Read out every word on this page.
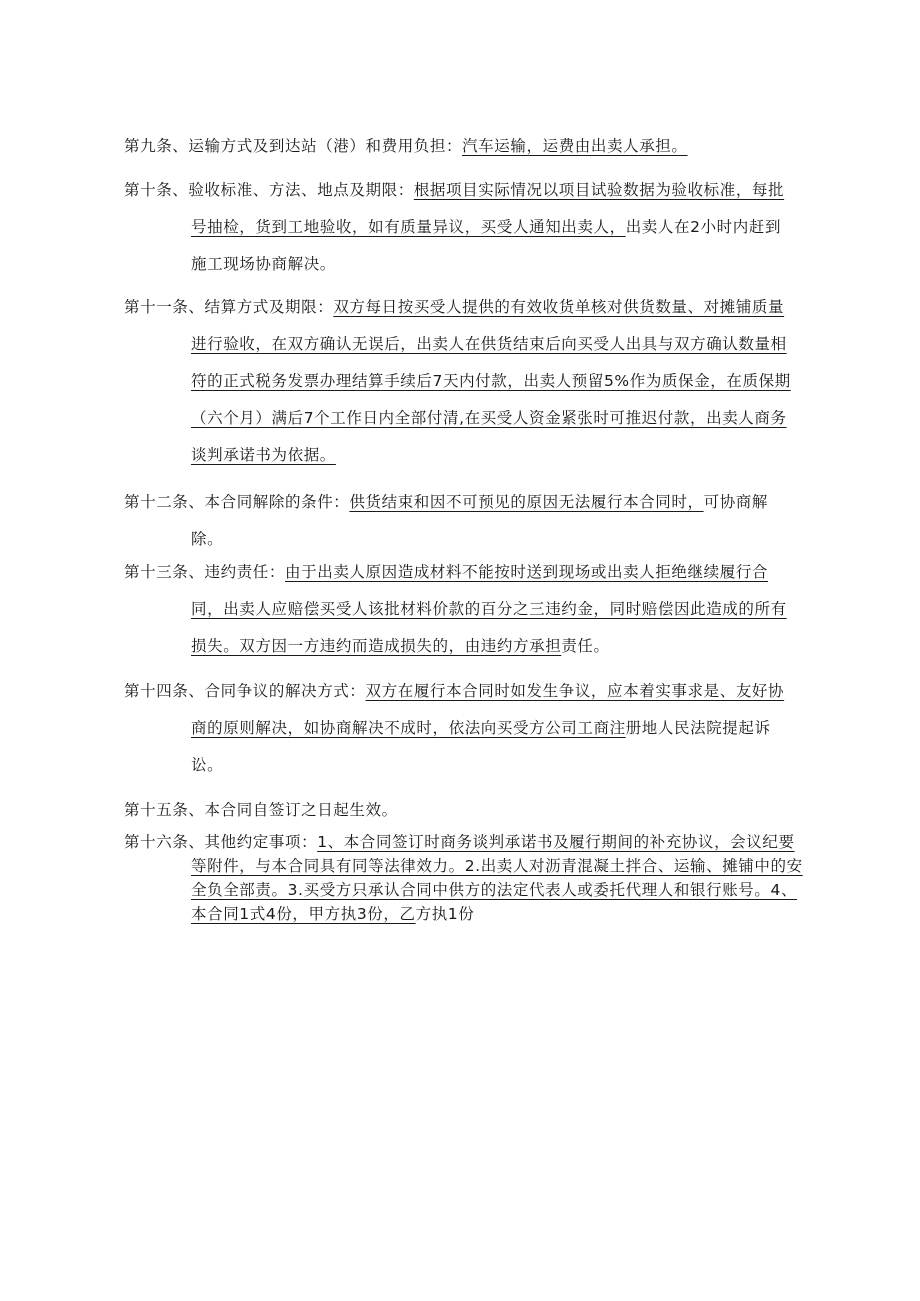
第九条、运输方式及到达站（港）和费用负担：汽车运输，运费由出卖人承担。
第十条、验收标准、方法、地点及期限：根据项目实际情况以项目试验数据为验收标准，每批
号抽检，货到工地验收，如有质量异议，买受人通知出卖人，出卖人在2小时内赶到
施工现场协商解决。
第十一条、结算方式及期限：双方每日按买受人提供的有效收货单核对供货数量、对摊铺质量
进行验收，在双方确认无误后，出卖人在供货结束后向买受人出具与双方确认数量相
符的正式税务发票办理结算手续后7天内付款，出卖人预留5%作为质保金，在质保期
（六个月）满后7个工作日内全部付清,在买受人资金紧张时可推迟付款，出卖人商务
谈判承诺书为依据。
第十二条、本合同解除的条件：供货结束和因不可预见的原因无法履行本合同时，可协商解
除。
第十三条、违约责任：由于出卖人原因造成材料不能按时送到现场或出卖人拒绝继续履行合
同，出卖人应赔偿买受人该批材料价款的百分之三违约金，同时赔偿因此造成的所有
损失。双方因一方违约而造成损失的，由违约方承担责任。
第十四条、合同争议的解决方式：双方在履行本合同时如发生争议，应本着实事求是、友好协
商的原则解决，如协商解决不成时，依法向买受方公司工商注册地人民法院提起诉
讼。
第十五条、本合同自签订之日起生效。
第十六条、其他约定事项：1、本合同签订时商务谈判承诺书及履行期间的补充协议，会议纪要
等附件，与本合同具有同等法律效力。2.出卖人对沥青混凝土拌合、运输、摊铺中的安
全负全部责。3.买受方只承认合同中供方的法定代表人或委托代理人和银行账号。4、
本合同1式4份，甲方执3份，乙方执1份
